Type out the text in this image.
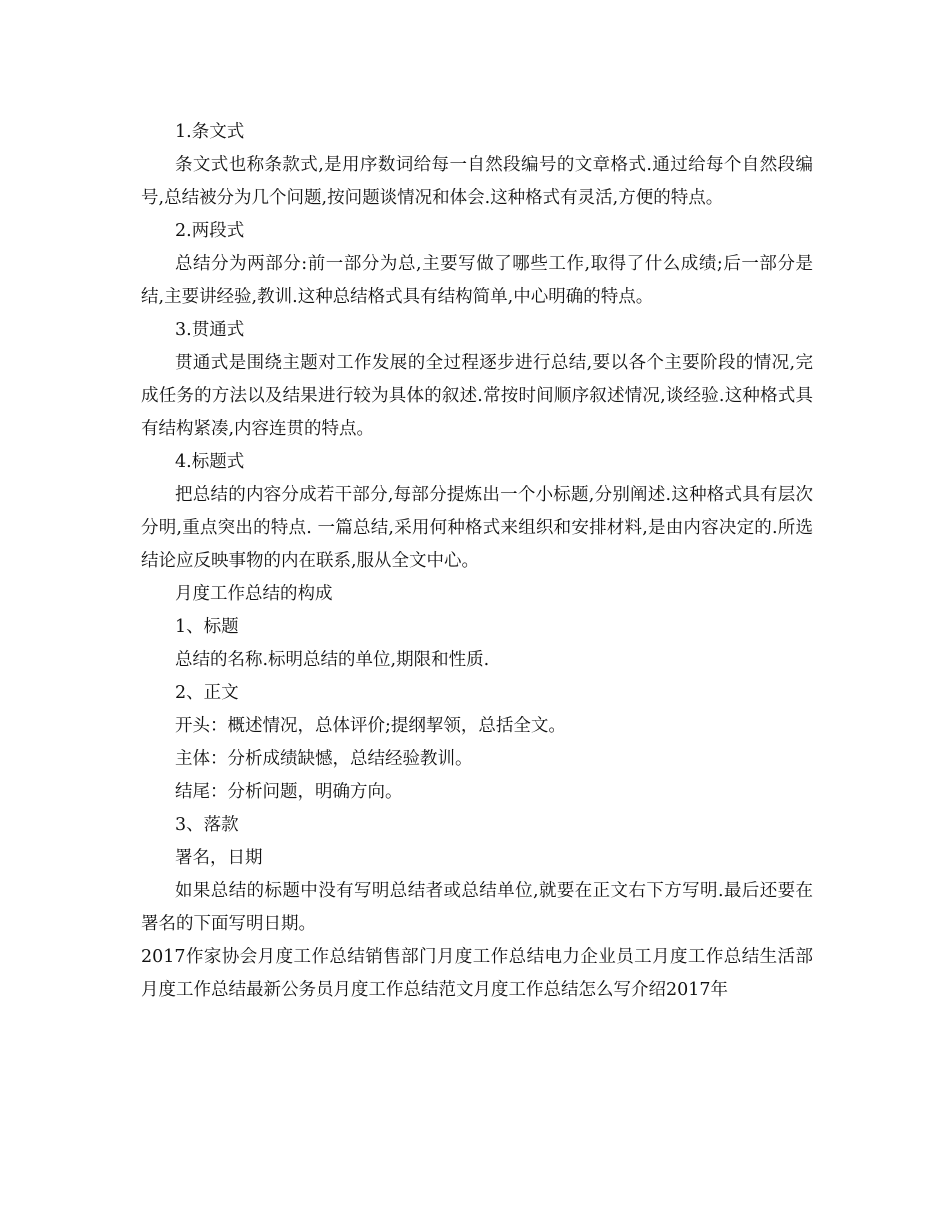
1.条文式

条文式也称条款式,是用序数词给每一自然段编号的文章格式.通过给每个自然段编号,总结被分为几个问题,按问题谈情况和体会.这种格式有灵活,方便的特点。

2.两段式

总结分为两部分:前一部分为总,主要写做了哪些工作,取得了什么成绩;后一部分是结,主要讲经验,教训.这种总结格式具有结构简单,中心明确的特点。

3.贯通式

贯通式是围绕主题对工作发展的全过程逐步进行总结,要以各个主要阶段的情况,完成任务的方法以及结果进行较为具体的叙述.常按时间顺序叙述情况,谈经验.这种格式具有结构紧凑,内容连贯的特点。

4.标题式

把总结的内容分成若干部分,每部分提炼出一个小标题,分别阐述.这种格式具有层次分明,重点突出的特点. 一篇总结,采用何种格式来组织和安排材料,是由内容决定的.所选结论应反映事物的内在联系,服从全文中心。

月度工作总结的构成

1、标题

总结的名称.标明总结的单位,期限和性质.

2、正文

开头：概述情况，总体评价;提纲挈领，总括全文。

主体：分析成绩缺憾，总结经验教训。

结尾：分析问题，明确方向。

3、落款

署名，日期

如果总结的标题中没有写明总结者或总结单位,就要在正文右下方写明.最后还要在署名的下面写明日期。

2017作家协会月度工作总结销售部门月度工作总结电力企业员工月度工作总结生活部月度工作总结最新公务员月度工作总结范文月度工作总结怎么写介绍2017年
